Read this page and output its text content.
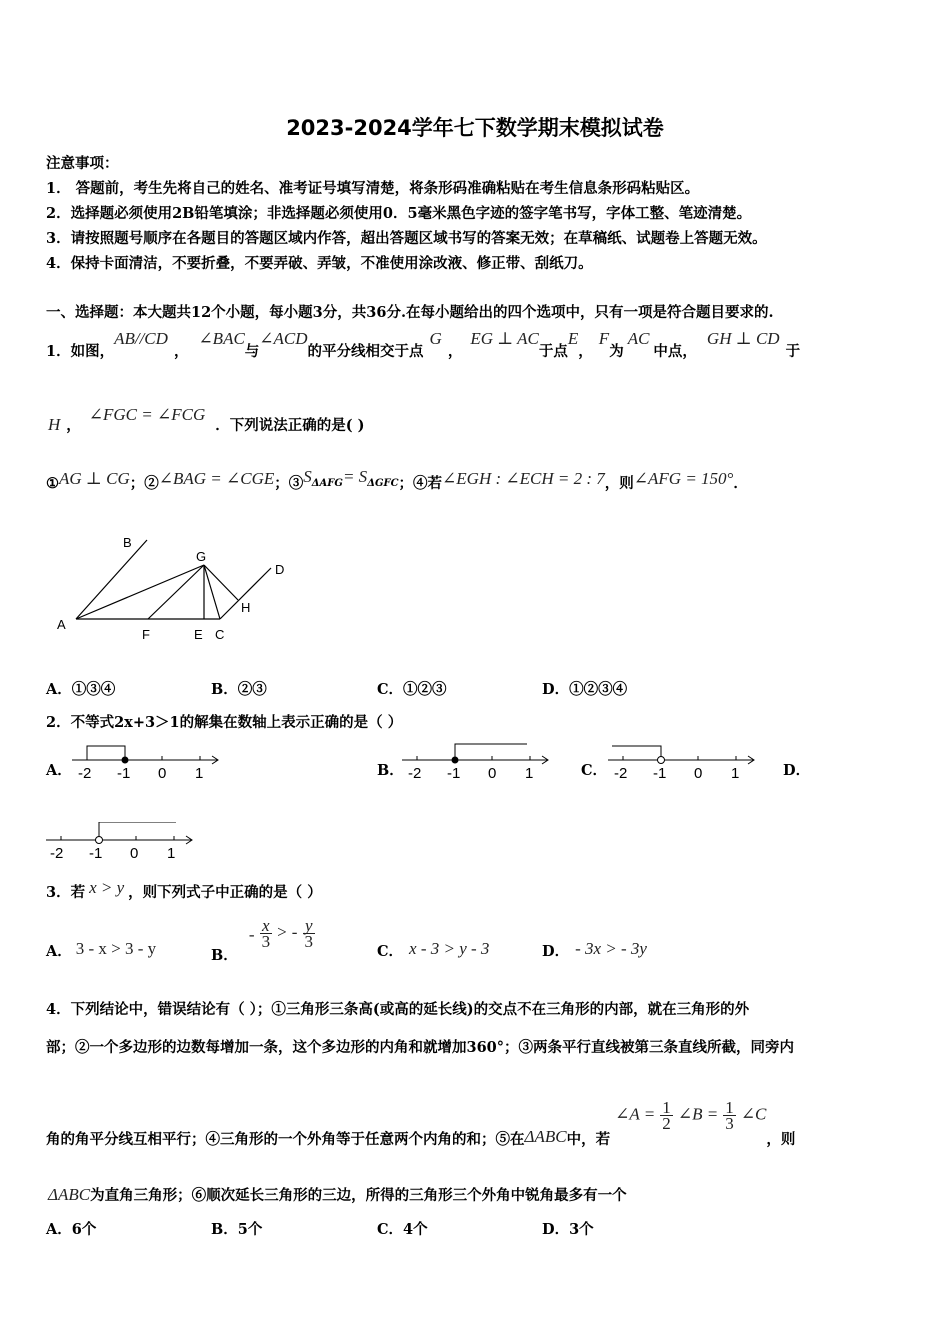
2023-2024学年七下数学期末模拟试卷
注意事项：
1． 答题前，考生先将自己的姓名、准考证号填写清楚，将条形码准确粘贴在考生信息条形码粘贴区。
2．选择题必须使用2B铅笔填涂；非选择题必须使用0．5毫米黑色字迹的签字笔书写，字体工整、笔迹清楚。
3．请按照题号顺序在各题目的答题区域内作答，超出答题区域书写的答案无效；在草稿纸、试题卷上答题无效。
4．保持卡面清洁，不要折叠，不要弄破、弄皱，不准使用涂改液、修正带、刮纸刀。
一、选择题：本大题共12个小题，每小题3分，共36分.在每小题给出的四个选项中，只有一项是符合题目要求的.
1．如图，AB//CD，∠BAC与∠ACD的平分线相交于点G，EG ⊥ AC于点E，F为AC中点，GH ⊥ CD于
H ，∠FGC = ∠FCG．下列说法正确的是( )
①AG ⊥ CG；②∠BAG = ∠CGE；③SΔAFG= SΔGFC；④若∠EGH : ∠ECH = 2 : 7，则∠AFG = 150°．
B
G
D
A
F	E C
H
A．①③④	B．②③	C．①②③	D．①②③④
2．不等式2x+3＞1的解集在数轴上表示正确的是（ ）
A． -2 -1 0 1	B． -2 -1 0 1	C． -2 -1 0 1	D．
-2 -1 0 1
3．若 x > y ，则下列式子中正确的是（ ）
A． 3 - x > 3 - y	B． - $\frac{x}{3}$ > - $\frac{y}{3}$
C． x - 3 > y - 3	D． - 3x > - 3y
4．下列结论中，错误结论有（ ）；①三角形三条高(或高的延长线)的交点不在三角形的内部，就在三角形的外
部；②一个多边形的边数每增加一条，这个多边形的内角和就增加360°；③两条平行直线被第三条直线所截，同旁内
角的角平分线互相平行；④三角形的一个外角等于任意两个内角的和；⑤在ΔABC中，若 ∠A = $\frac{1}{2}$ ∠B = $\frac{1}{3}$ ∠C，则
ΔABC为直角三角形；⑥顺次延长三角形的三边，所得的三角形三个外角中锐角最多有一个
A．6个	B．5个	C．4个	D．3个
